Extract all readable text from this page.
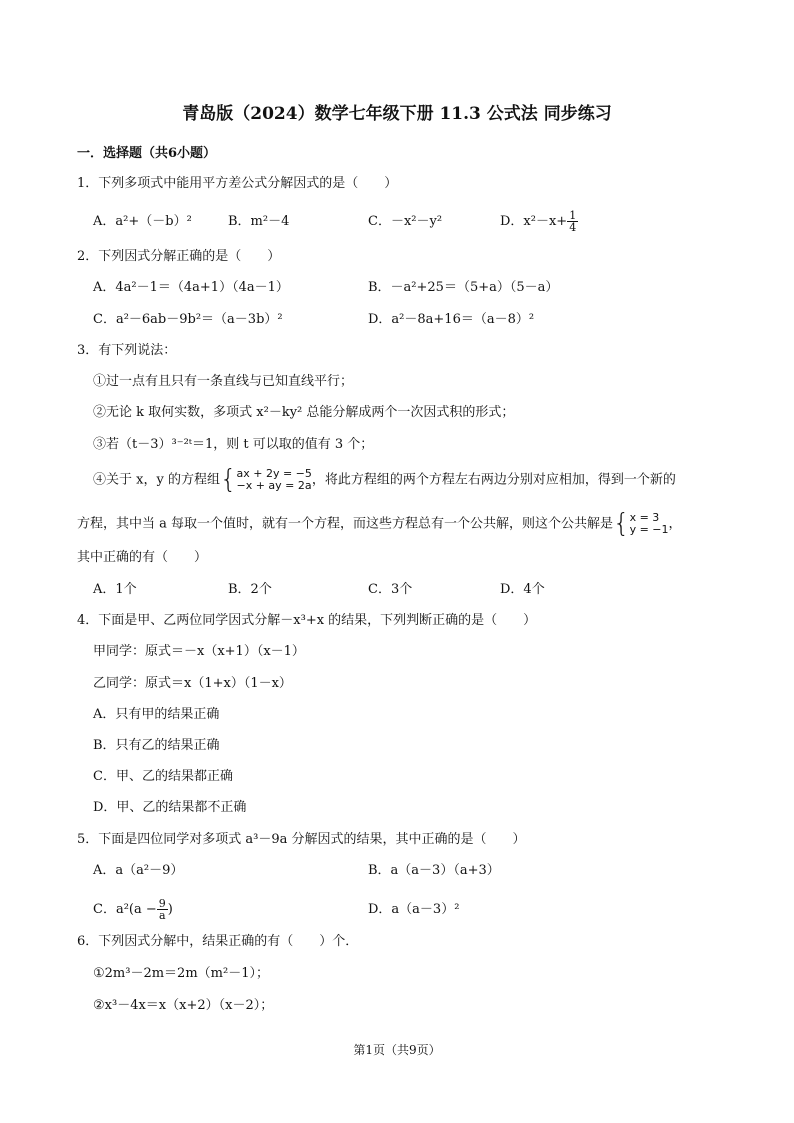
青岛版（2024）数学七年级下册 11.3 公式法 同步练习
一．选择题（共6小题）
1．下列多项式中能用平方差公式分解因式的是（　　）
A．a²+（－b）²	B．m²－4	C．－x²－y²	D．$x^2-x+ \frac{1}{4}$
2．下列因式分解正确的是（　　）
A．4a²－1＝（4a+1）（4a－1）	B．－a²+25＝（5+a）（5－a）
C．a²－6ab－9b²＝（a－3b）²	D．a²－8a+16＝（a－8）²
3．有下列说法：
①过一点有且只有一条直线与已知直线平行；
②无论 k 取何实数，多项式 x²－ky² 总能分解成两个一次因式积的形式；
③若（t－3）³⁻²ᵗ＝1，则 t 可以取的值有 3 个；
④关于 x，y 的方程组{ ax + 2y = −5
−x + ay = 2a ，将此方程组的两个方程左右两边分别对应相加，得到一个新的
方程，其中当 a 每取一个值时，就有一个方程，而这些方程总有一个公共解，则这个公共解是{ x = 3
y = −1 ，
其中正确的有（　　）
A．1个	B．2个	C．3个	D．4个
4．下面是甲、乙两位同学因式分解－x³+x 的结果，下列判断正确的是（　　）
甲同学：原式＝－x（x+1）（x－1）
乙同学：原式＝x（1+x）（1－x）
A．只有甲的结果正确
B．只有乙的结果正确
C．甲、乙的结果都正确
D．甲、乙的结果都不正确
5．下面是四位同学对多项式 a³－9a 分解因式的结果，其中正确的是（　　）
A．a（a²－9）	B．a（a－3）（a+3）
C．$a^2(a - \frac{9}{a}$ )	D．a（a－3）²
6．下列因式分解中，结果正确的有（　　）个．
①2m³－2m＝2m（m²－1）；
②x³－4x＝x（x+2）（x－2）；
第1页（共9页）
